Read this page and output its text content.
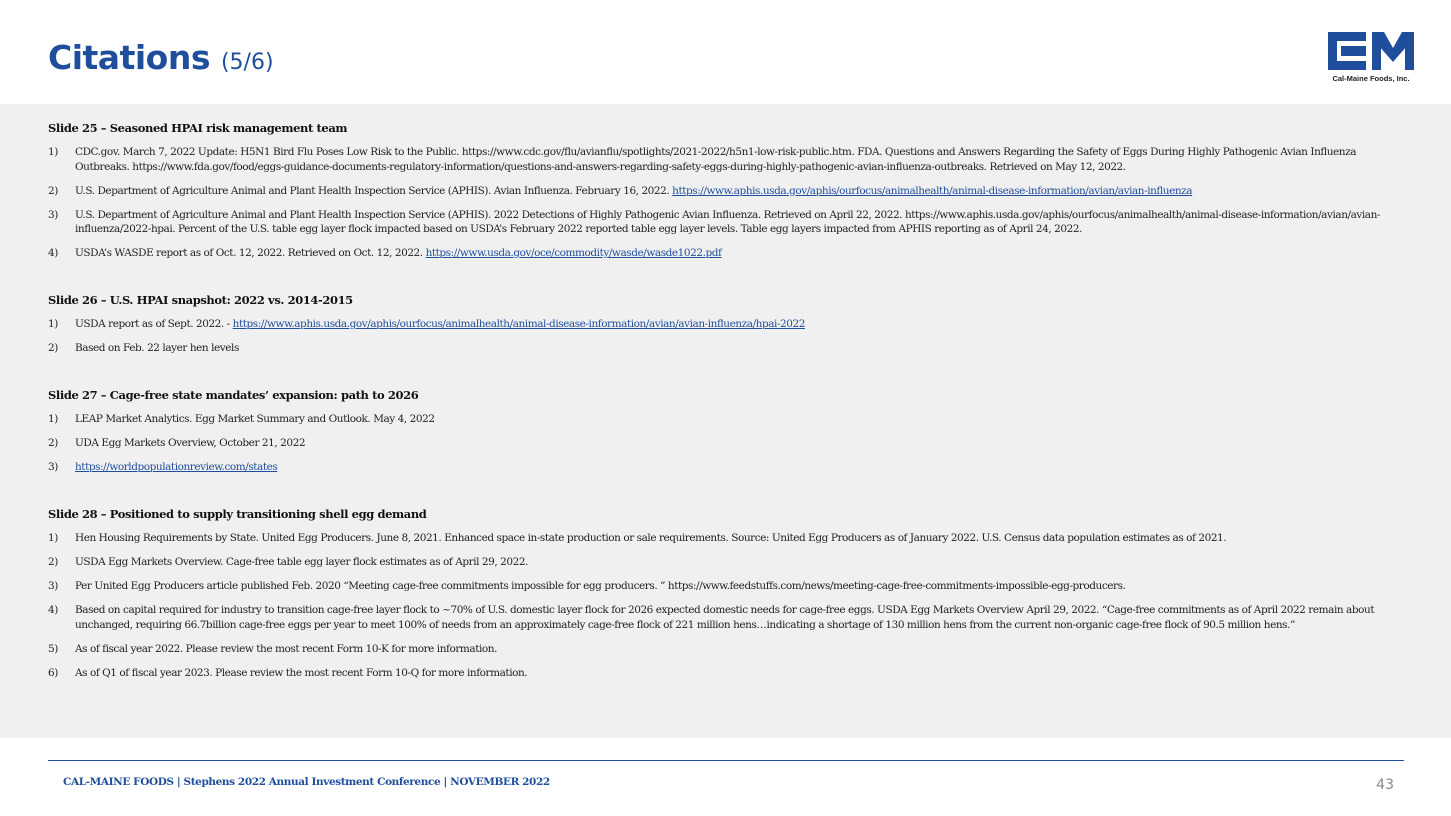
Citations (5/6)
Cal-Maine Foods, Inc.
Slide 25 – Seasoned HPAI risk management team
1) CDC.gov. March 7, 2022 Update: H5N1 Bird Flu Poses Low Risk to the Public. https://www.cdc.gov/flu/avianflu/spotlights/2021-2022/h5n1-low-risk-public.htm. FDA. Questions and Answers Regarding the Safety of Eggs During Highly Pathogenic Avian Influenza Outbreaks. https://www.fda.gov/food/eggs-guidance-documents-regulatory-information/questions-and-answers-regarding-safety-eggs-during-highly-pathogenic-avian-influenza-outbreaks. Retrieved on May 12, 2022.
2) U.S. Department of Agriculture Animal and Plant Health Inspection Service (APHIS). Avian Influenza. February 16, 2022. https://www.aphis.usda.gov/aphis/ourfocus/animalhealth/animal-disease-information/avian/avian-influenza
3) U.S. Department of Agriculture Animal and Plant Health Inspection Service (APHIS). 2022 Detections of Highly Pathogenic Avian Influenza. Retrieved on April 22, 2022. https://www.aphis.usda.gov/aphis/ourfocus/animalhealth/animal-disease-information/avian/avian-influenza/2022-hpai. Percent of the U.S. table egg layer flock impacted based on USDA’s February 2022 reported table egg layer levels. Table egg layers impacted from APHIS reporting as of April 24, 2022.
4) USDA’s WASDE report as of Oct. 12, 2022. Retrieved on Oct. 12, 2022. https://www.usda.gov/oce/commodity/wasde/wasde1022.pdf
Slide 26 – U.S. HPAI snapshot: 2022 vs. 2014-2015
1) USDA report as of Sept. 2022. - https://www.aphis.usda.gov/aphis/ourfocus/animalhealth/animal-disease-information/avian/avian-influenza/hpai-2022
2) Based on Feb. 22 layer hen levels
Slide 27 – Cage-free state mandates’ expansion: path to 2026
1) LEAP Market Analytics. Egg Market Summary and Outlook. May 4, 2022
2) UDA Egg Markets Overview, October 21, 2022
3) https://worldpopulationreview.com/states
Slide 28 – Positioned to supply transitioning shell egg demand
1) Hen Housing Requirements by State. United Egg Producers. June 8, 2021. Enhanced space in-state production or sale requirements. Source: United Egg Producers as of January 2022. U.S. Census data population estimates as of 2021.
2) USDA Egg Markets Overview. Cage-free table egg layer flock estimates as of April 29, 2022.
3) Per United Egg Producers article published Feb. 2020 “Meeting cage-free commitments impossible for egg producers. ” https://www.feedstuffs.com/news/meeting-cage-free-commitments-impossible-egg-producers.
4) Based on capital required for industry to transition cage-free layer flock to ~70% of U.S. domestic layer flock for 2026 expected domestic needs for cage-free eggs. USDA Egg Markets Overview April 29, 2022. “Cage-free commitments as of April 2022 remain about unchanged, requiring 66.7billion cage-free eggs per year to meet 100% of needs from an approximately cage-free flock of 221 million hens…indicating a shortage of 130 million hens from the current non-organic cage-free flock of 90.5 million hens.”
5) As of fiscal year 2022. Please review the most recent Form 10-K for more information.
6) As of Q1 of fiscal year 2023. Please review the most recent Form 10-Q for more information.
CAL-MAINE FOODS | Stephens 2022 Annual Investment Conference | NOVEMBER 2022	43
